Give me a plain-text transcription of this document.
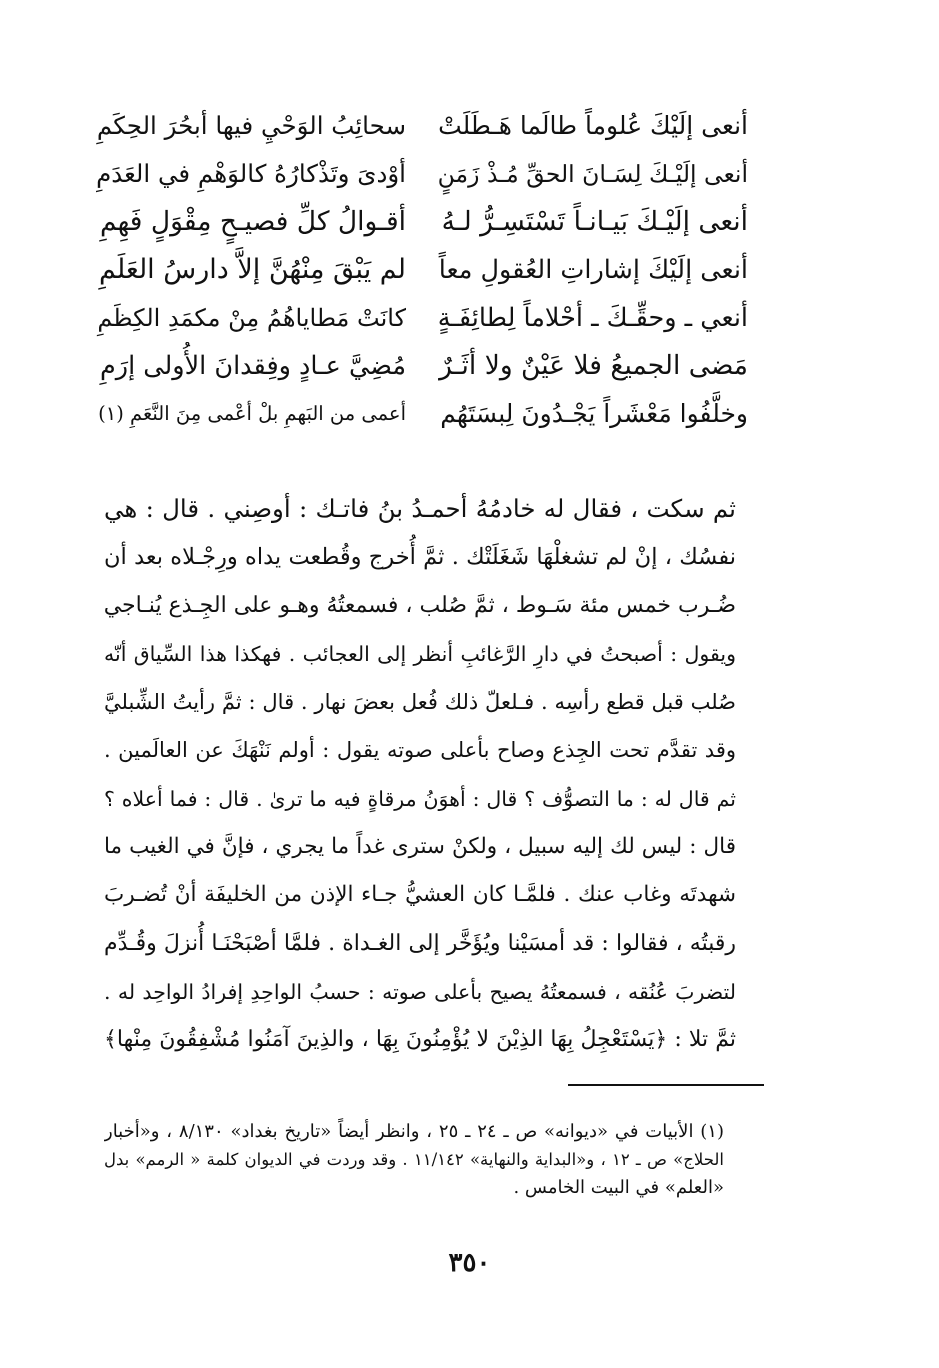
أنعى إلَيْكَ عُلوماً طالَما هَـطَلَتْ
سحائِبُ الوَحْيِ فيها أبحُرَ الحِكَمِ
أنعى إلَيْـكَ لِسَـانَ الحقِّ مُـذْ زَمَنٍ
أوْدىَ وتَذْكارُهُ كالوَهْمِ في العَدَمِ
أنعى إلَيْـكَ بَيـانـاً تَسْتَسِـرُّ لـهُ
أقـوالُ كلِّ فصيـحٍ مِقْوَلٍ فَهِمِ
أنعى إلَيْكَ إشاراتِ العُقولِ معاً
لم يَبْقَ مِنْهُنَّ إلاَّ دارسُ العَلَمِ
أنعي ـ وحقِّـكَ ـ أحْلاماً لِطائِفَـةٍ
كانَتْ مَطاياهُمُ مِنْ مكمَدِ الكِظَمِ
مَضى الجميعُ فلا عَيْنٌ ولا أثَـرٌ
مُضِيَّ عـادٍ وفِقدانَ الأُولى إرَمِ
وخلَّفُوا مَعْشَراً يَجْـدُونَ لِبسَتَهُم
أعمى من البَهمِ بلْ أعْمى مِنَ النَّعَمِ (١)
ثم سكت ، فقال له خادمُهُ أحمـدُ بنُ فاتـك : أوصِني . قال : هي
نفسُك ، إنْ لم تشغلْهَا شَغَلَتْك . ثمَّ أُخرج وقُطعت يداه ورِجْـلاه بعد أن
ضُـرب خمس مئة سَـوط ، ثمَّ صُلب ، فسمعتُهُ وهـو على الجِـذع يُنـاجي
ويقول : أصبحتُ في دارِ الرَّغائبِ أنظر إلى العجائب . فهكذا هذا السِّياق أنّه
صُلب قبل قطع رأسِه . فـلعلّ ذلك فُعل بعضَ نهار . قال : ثمَّ رأيتُ الشِّبليَّ
وقد تقدَّم تحت الجِذع وصاح بأعلى صوته يقول : أولم نَنْهَكَ عن العالَمين .
ثم قال له : ما التصوُّف ؟ قال : أهوَنُ مرقاةٍ فيه ما ترىٰ . قال : فما أعلاه ؟
قال : ليس لك إليه سبيل ، ولكنْ سترى غداً ما يجري ، فإنَّ في الغيب ما
شهدتَه وغاب عنك . فلمَّـا كان العشيُّ جـاء الإذن من الخليفَة أنْ تُضـربَ
رقبتُه ، فقالوا : قد أمسَيْنا ويُؤَخَّر إلى الغـداة . فلمَّا أصْبَحْنَـا أُنزلَ وقُـدِّم
لتضربَ عُنُقه ، فسمعتُهُ يصيح بأعلى صوته : حسبُ الواحِدِ إفرادُ الواحِد له .
ثمَّ تلا : ﴿يَسْتَعْجِلُ بِهَا الذِيْنَ لا يُؤْمِنُونَ بِهَا ، والذِينَ آمَنُوا مُشْفِقُونَ مِنْها﴾
(١) الأبيات في «ديوانه» ص ـ ٢٤ ـ ٢٥ ، وانظر أيضاً «تاريخ بغداد» ٨/١٣٠ ، و«أخبار
الحلاج» ص ـ ١٢ ، و«البداية والنهاية» ١١/١٤٢ . وقد وردت في الديوان كلمة « الرمم» بدل
«العلم» في البيت الخامس .
٣٥٠
